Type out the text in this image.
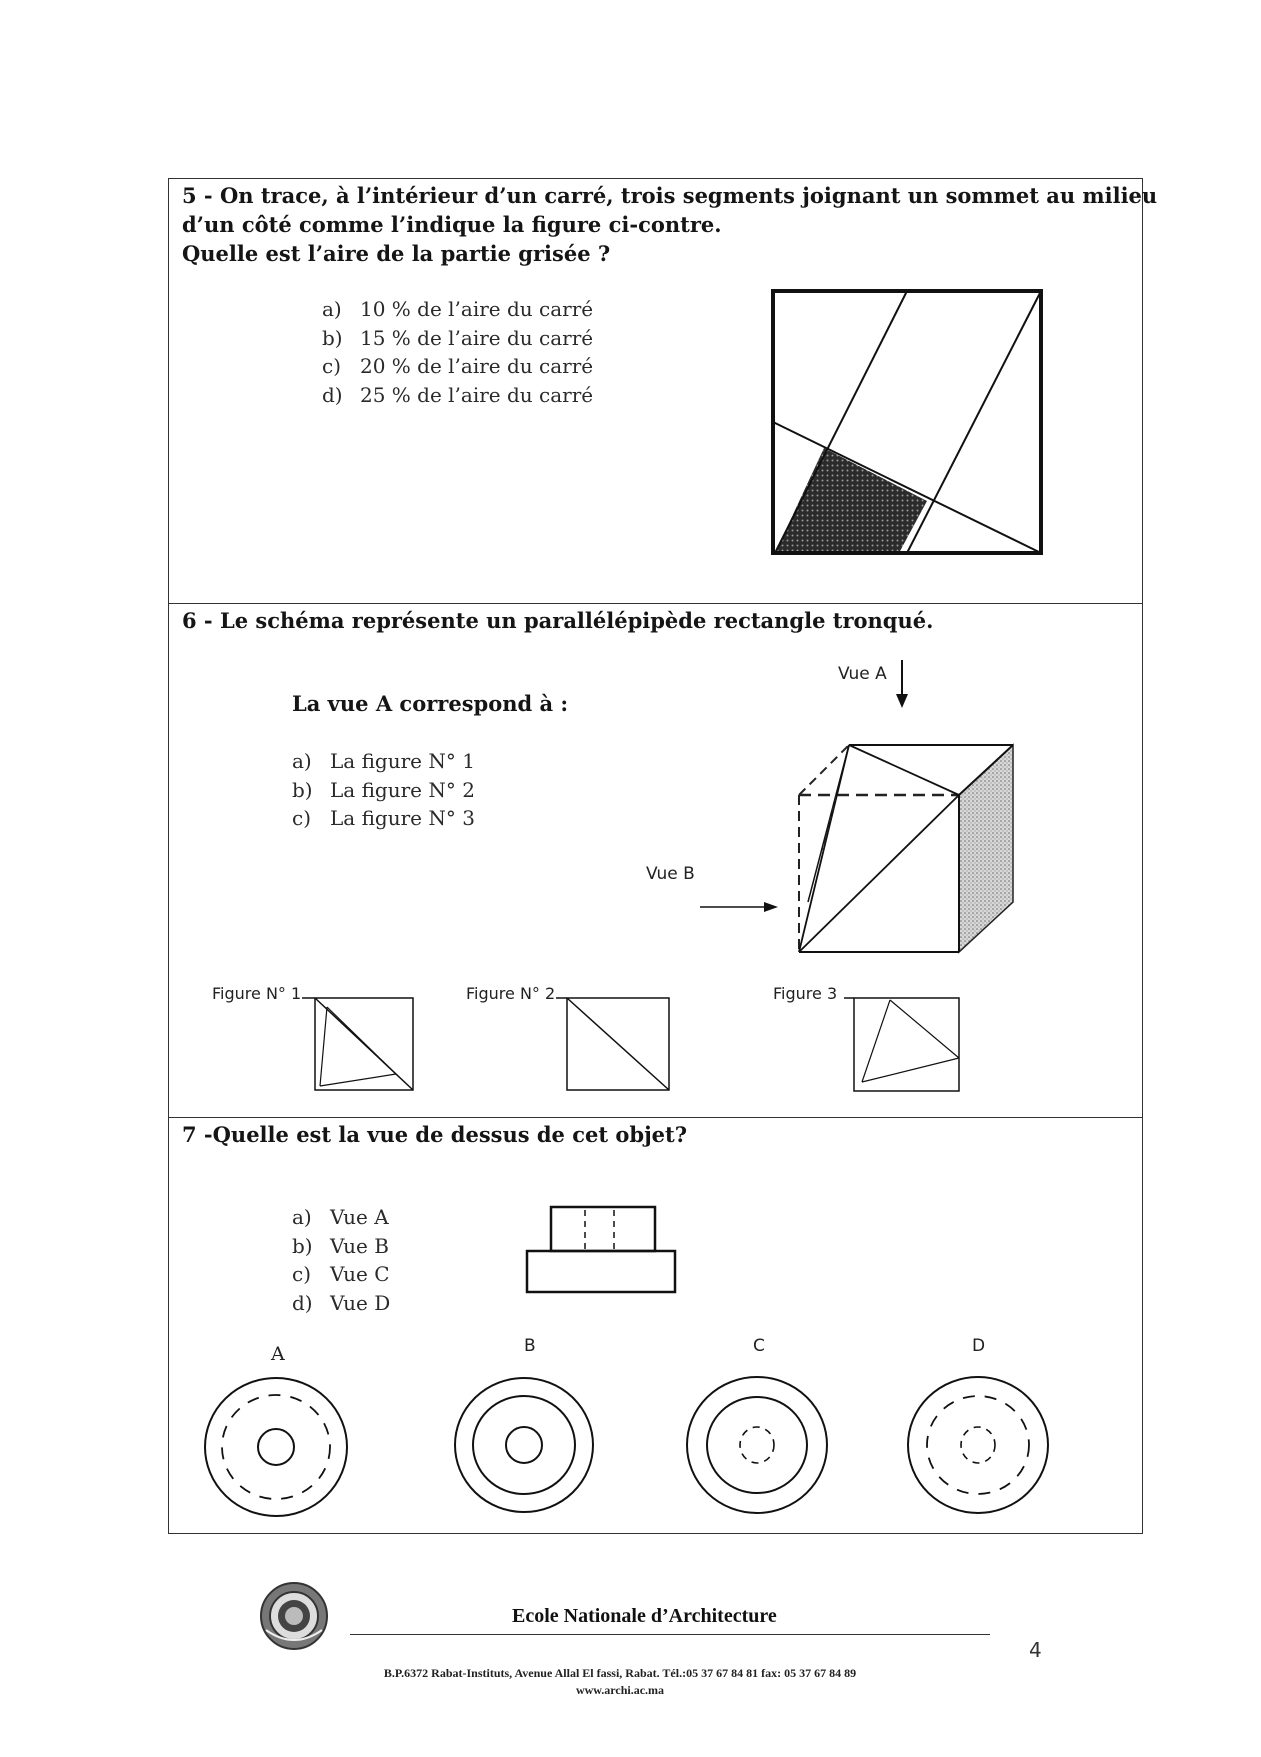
5 - On trace, à l’intérieur d’un carré, trois segments joignant un sommet au milieu
d’un côté comme l’indique la figure ci-contre.
Quelle est l’aire de la partie grisée ?
a) 10 % de l’aire du carré
b) 15 % de l’aire du carré
c) 20 % de l’aire du carré
d) 25 % de l’aire du carré
6 - Le schéma représente un parallélépipède rectangle tronqué.
La vue A correspond à :
a) La figure N° 1
b) La figure N° 2
c) La figure N° 3
Vue A
Vue B
Figure N° 1	Figure N° 2	Figure 3
7 -Quelle est la vue de dessus de cet objet?
a) Vue A
b) Vue B
c) Vue C
d) Vue D
A	B	C	D
Ecole Nationale d’Architecture
4
B.P.6372 Rabat-Instituts, Avenue Allal El fassi, Rabat. Tél.:05 37 67 84 81 fax: 05 37 67 84 89
www.archi.ac.ma
